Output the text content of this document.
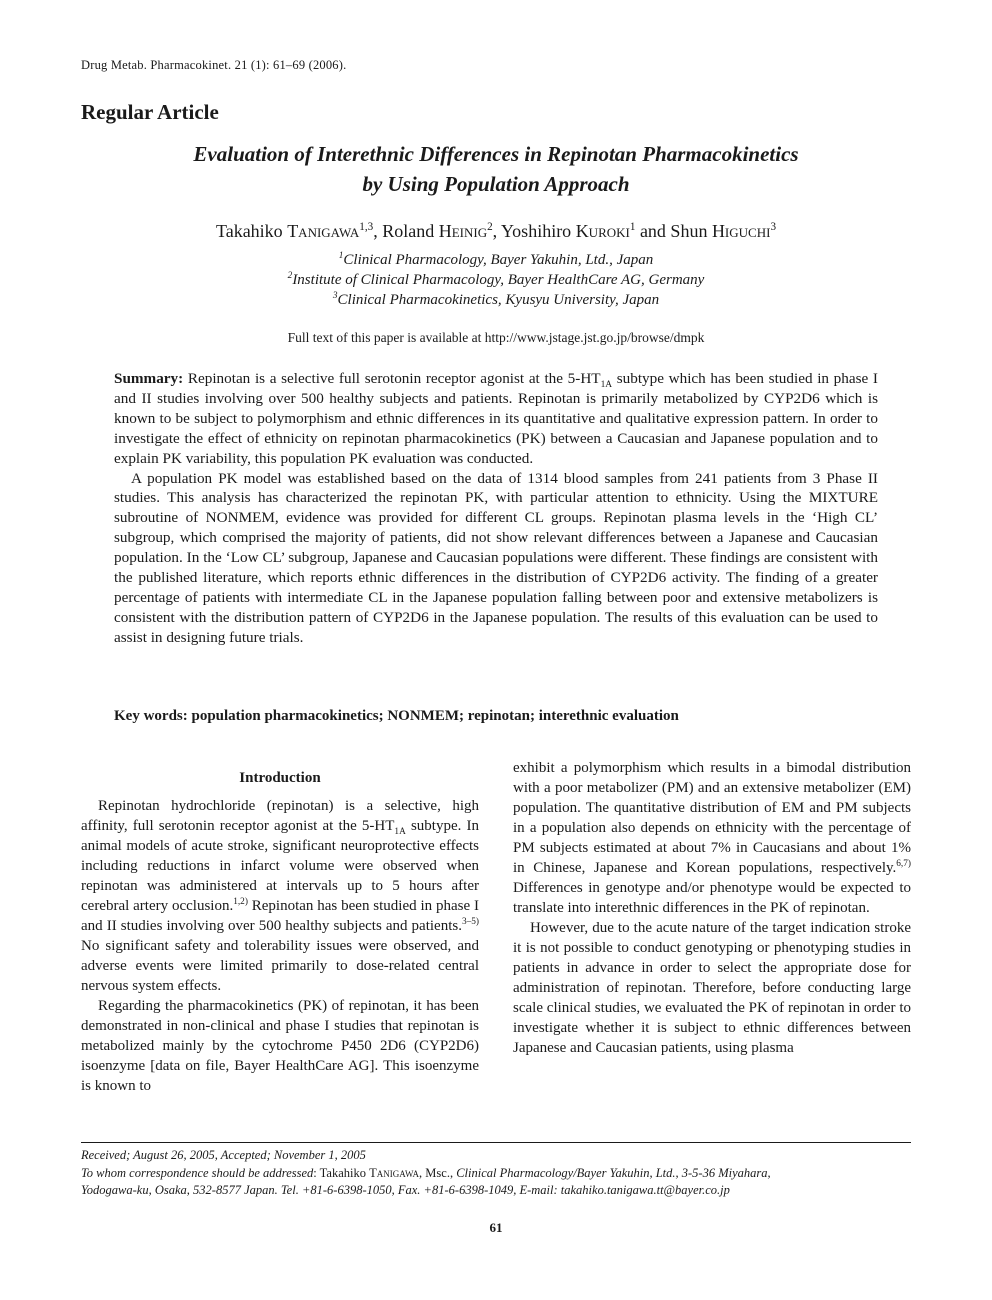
Drug Metab. Pharmacokinet. 21 (1): 61–69 (2006).
Regular Article
Evaluation of Interethnic Differences in Repinotan Pharmacokinetics
by Using Population Approach
Takahiko Tanigawa$^{1,3}$, Roland Heinig$^2$, Yoshihiro Kuroki$^1$ and Shun Higuchi$^3$
$^1$Clinical Pharmacology, Bayer Yakuhin, Ltd., Japan
$^2$Institute of Clinical Pharmacology, Bayer HealthCare AG, Germany
$^3$Clinical Pharmacokinetics, Kyusyu University, Japan
Full text of this paper is available at http://www.jstage.jst.go.jp/browse/dmpk

Summary: Repinotan is a selective full serotonin receptor agonist at the $5-HT_{1A}$ subtype which has been studied in phase I and II studies involving over 500 healthy subjects and patients. Repinotan is primarily metabolized by CYP2D6 which is known to be subject to polymorphism and ethnic differences in its quantitative and qualitative expression pattern. In order to investigate the effect of ethnicity on repinotan pharmacokinetics (PK) between a Caucasian and Japanese population and to explain PK variability, this population PK evaluation was conducted.

A population PK model was established based on the data of 1314 blood samples from 241 patients from 3 Phase II studies. This analysis has characterized the repinotan PK, with particular attention to ethnicity. Using the MIXTURE subroutine of NONMEM, evidence was provided for different CL groups. Repinotan plasma levels in the ‘High CL’ subgroup, which comprised the majority of patients, did not show relevant differences between a Japanese and Caucasian population. In the ‘Low CL’ subgroup, Japanese and Caucasian populations were different. These findings are consistent with the published literature, which reports ethnic differences in the distribution of CYP2D6 activity. The finding of a greater percentage of patients with intermediate CL in the Japanese population falling between poor and extensive metabolizers is consistent with the distribution pattern of CYP2D6 in the Japanese population. The results of this evaluation can be used to assist in designing future trials.

Key words: population pharmacokinetics; NONMEM; repinotan; interethnic evaluation
Introduction

Repinotan hydrochloride (repinotan) is a selective, high affinity, full serotonin receptor agonist at the $5-HT_{1A}$ subtype. In animal models of acute stroke, significant neuroprotective effects including reductions in infarct volume were observed when repinotan was administered at intervals up to 5 hours after cerebral artery occlusion.$^{1,2)}$ Repinotan has been studied in phase I and II studies involving over 500 healthy subjects and patients.$^{3-5)}$ No significant safety and tolerability issues were observed, and adverse events were limited primarily to dose-related central nervous system effects.

Regarding the pharmacokinetics (PK) of repinotan, it has been demonstrated in non-clinical and phase I studies that repinotan is metabolized mainly by the cytochrome P450 2D6 (CYP2D6) isoenzyme [data on file, Bayer HealthCare AG]. This isoenzyme is known to

exhibit a polymorphism which results in a bimodal distribution with a poor metabolizer (PM) and an extensive metabolizer (EM) population. The quantitative distribution of EM and PM subjects in a population also depends on ethnicity with the percentage of PM subjects estimated at about 7% in Caucasians and about 1% in Chinese, Japanese and Korean populations, respectively.$^{6,7)}$ Differences in genotype and/or phenotype would be expected to translate into interethnic differences in the PK of repinotan.

However, due to the acute nature of the target indication stroke it is not possible to conduct genotyping or phenotyping studies in patients in advance in order to select the appropriate dose for administration of repinotan. Therefore, before conducting large scale clinical studies, we evaluated the PK of repinotan in order to investigate whether it is subject to ethnic differences between Japanese and Caucasian patients, using plasma

Received; August 26, 2005, Accepted; November 1, 2005
To whom correspondence should be addressed: Takahiko Tanigawa, Msc., Clinical Pharmacology/Bayer Yakuhin, Ltd., 3-5-36 Miyahara,
Yodogawa-ku, Osaka, 532-8577 Japan. Tel. +81-6-6398-1050, Fax. +81-6-6398-1049, E-mail: takahiko.tanigawa.tt@bayer.co.jp
61
